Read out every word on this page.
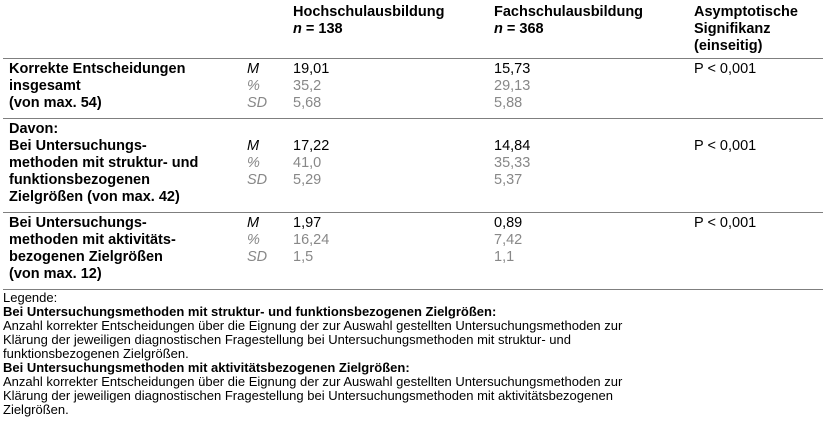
Hochschulausbildung
n = 138
Fachschulausbildung
n = 368
Asymptotische
Signifikanz
(einseitig)
Korrekte Entscheidungen
insgesamt
(von max. 54)
M
%
SD
19,01
35,2
5,68
15,73
29,13
5,88
P < 0,001
Davon:
Bei Untersuchungs-
methoden mit struktur- und
funktionsbezogenen
Zielgrößen (von max. 42)
M
%
SD
17,22
41,0
5,29
14,84
35,33
5,37
P < 0,001
Bei Untersuchungs-
methoden mit aktivitäts-
bezogenen Zielgrößen
(von max. 12)
M
%
SD
1,97
16,24
1,5
0,89
7,42
1,1
P < 0,001
Legende:
Bei Untersuchungsmethoden mit struktur- und funktionsbezogenen Zielgrößen:
Anzahl korrekter Entscheidungen über die Eignung der zur Auswahl gestellten Untersuchungsmethoden zur
Klärung der jeweiligen diagnostischen Fragestellung bei Untersuchungsmethoden mit struktur- und
funktionsbezogenen Zielgrößen.
Bei Untersuchungsmethoden mit aktivitätsbezogenen Zielgrößen:
Anzahl korrekter Entscheidungen über die Eignung der zur Auswahl gestellten Untersuchungsmethoden zur
Klärung der jeweiligen diagnostischen Fragestellung bei Untersuchungsmethoden mit aktivitätsbezogenen
Zielgrößen.
